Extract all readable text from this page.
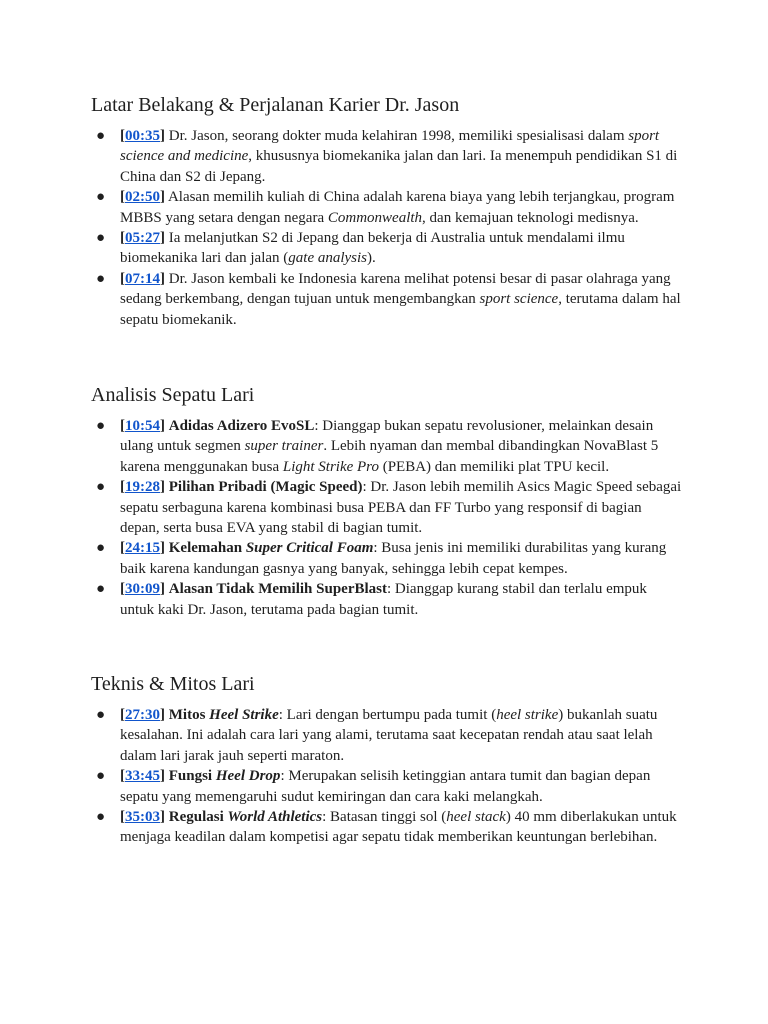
Latar Belakang & Perjalanan Karier Dr. Jason
● [00:35] Dr. Jason, seorang dokter muda kelahiran 1998, memiliki spesialisasi dalam sport science and medicine, khususnya biomekanika jalan dan lari. Ia menempuh pendidikan S1 di China dan S2 di Jepang.
● [02:50] Alasan memilih kuliah di China adalah karena biaya yang lebih terjangkau, program MBBS yang setara dengan negara Commonwealth, dan kemajuan teknologi medisnya.
● [05:27] Ia melanjutkan S2 di Jepang dan bekerja di Australia untuk mendalami ilmu biomekanika lari dan jalan (gate analysis).
● [07:14] Dr. Jason kembali ke Indonesia karena melihat potensi besar di pasar olahraga yang sedang berkembang, dengan tujuan untuk mengembangkan sport science, terutama dalam hal sepatu biomekanik.
Analisis Sepatu Lari
● [10:54] Adidas Adizero EvoSL: Dianggap bukan sepatu revolusioner, melainkan desain ulang untuk segmen super trainer. Lebih nyaman dan membal dibandingkan NovaBlast 5 karena menggunakan busa Light Strike Pro (PEBA) dan memiliki plat TPU kecil.
● [19:28] Pilihan Pribadi (Magic Speed): Dr. Jason lebih memilih Asics Magic Speed sebagai sepatu serbaguna karena kombinasi busa PEBA dan FF Turbo yang responsif di bagian depan, serta busa EVA yang stabil di bagian tumit.
● [24:15] Kelemahan Super Critical Foam: Busa jenis ini memiliki durabilitas yang kurang baik karena kandungan gasnya yang banyak, sehingga lebih cepat kempes.
● [30:09] Alasan Tidak Memilih SuperBlast: Dianggap kurang stabil dan terlalu empuk untuk kaki Dr. Jason, terutama pada bagian tumit.
Teknis & Mitos Lari
● [27:30] Mitos Heel Strike: Lari dengan bertumpu pada tumit (heel strike) bukanlah suatu kesalahan. Ini adalah cara lari yang alami, terutama saat kecepatan rendah atau saat lelah dalam lari jarak jauh seperti maraton.
● [33:45] Fungsi Heel Drop: Merupakan selisih ketinggian antara tumit dan bagian depan sepatu yang memengaruhi sudut kemiringan dan cara kaki melangkah.
● [35:03] Regulasi World Athletics: Batasan tinggi sol (heel stack) 40 mm diberlakukan untuk menjaga keadilan dalam kompetisi agar sepatu tidak memberikan keuntungan berlebihan.
